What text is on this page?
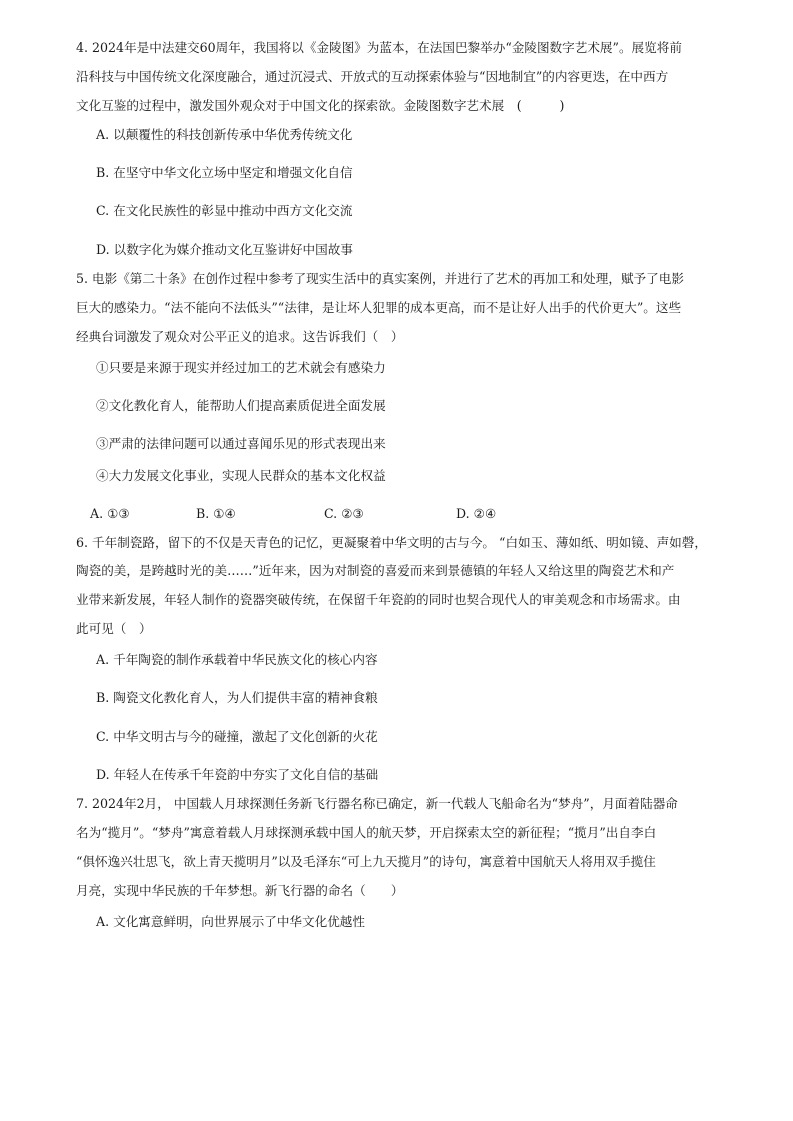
4. 2024年是中法建交60周年，我国将以《金陵图》为蓝本，在法国巴黎举办“金陵图数字艺术展”。展览将前
沿科技与中国传统文化深度融合，通过沉浸式、开放式的互动探索体验与“因地制宜”的内容更迭，在中西方
文化互鉴的过程中，激发国外观众对于中国文化的探索欲。金陵图数字艺术展　(　　　)
A. 以颠覆性的科技创新传承中华优秀传统文化
B. 在坚守中华文化立场中坚定和增强文化自信
C. 在文化民族性的彰显中推动中西方文化交流
D. 以数字化为媒介推动文化互鉴讲好中国故事
5. 电影《第二十条》在创作过程中参考了现实生活中的真实案例，并进行了艺术的再加工和处理，赋予了电影
巨大的感染力。“法不能向不法低头”“法律，是让坏人犯罪的成本更高，而不是让好人出手的代价更大”。这些
经典台词激发了观众对公平正义的追求。这告诉我们（　）
①只要是来源于现实并经过加工的艺术就会有感染力
②文化教化育人，能帮助人们提高素质促进全面发展
③严肃的法律问题可以通过喜闻乐见的形式表现出来
④大力发展文化事业，实现人民群众的基本文化权益
A. ①③	B. ①④	C. ②③	D. ②④
6. 千年制瓷路，留下的不仅是天青色的记忆，更凝聚着中华文明的古与今。 “白如玉、薄如纸、明如镜、声如磬，
陶瓷的美，是跨越时光的美……”近年来，因为对制瓷的喜爱而来到景德镇的年轻人又给这里的陶瓷艺术和产
业带来新发展，年轻人制作的瓷器突破传统，在保留千年瓷韵的同时也契合现代人的审美观念和市场需求。由
此可见（　）
A. 千年陶瓷的制作承载着中华民族文化的核心内容
B. 陶瓷文化教化育人，为人们提供丰富的精神食粮
C. 中华文明古与今的碰撞，激起了文化创新的火花
D. 年轻人在传承千年瓷韵中夯实了文化自信的基础
7. 2024年2月， 中国载人月球探测任务新飞行器名称已确定，新一代载人飞船命名为“梦舟”，月面着陆器命
名为“揽月”。“梦舟”寓意着载人月球探测承载中国人的航天梦，开启探索太空的新征程；“揽月”出自李白
“俱怀逸兴壮思飞，欲上青天揽明月”以及毛泽东“可上九天揽月”的诗句，寓意着中国航天人将用双手揽住
月亮，实现中华民族的千年梦想。新飞行器的命名（　　）
A. 文化寓意鲜明，向世界展示了中华文化优越性
